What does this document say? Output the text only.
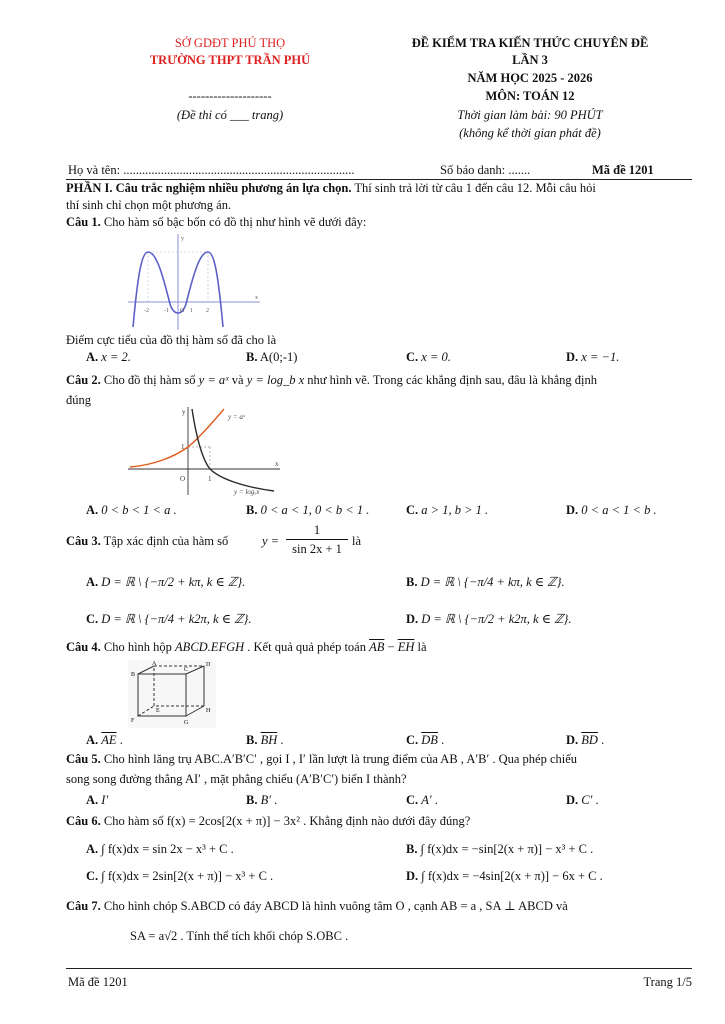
SỞ GDĐT PHÚ THỌ
TRƯỜNG THPT TRẦN PHÚ
--------------------
(Đề thi có ___ trang)
ĐỀ KIỂM TRA KIẾN THỨC CHUYÊN ĐỀ
LẦN 3
NĂM HỌC 2025 - 2026
MÔN: TOÁN 12
Thời gian làm bài: 90 PHÚT
(không kể thời gian phát đề)
Họ và tên: ..........................................................................	Số báo danh: .......	Mã đề 1201
PHẦN I. Câu trắc nghiệm nhiều phương án lựa chọn. Thí sinh trả lời từ câu 1 đến câu 12. Mỗi câu hỏi
thí sinh chỉ chọn một phương án.
Câu 1. Cho hàm số bậc bốn có đồ thị như hình vẽ dưới đây:
-2	-1 O 1 2
x
y
Điểm cực tiểu của đồ thị hàm số đã cho là
A. x = 2.	B. A(0;-1)	C. x = 0.	D. x = −1.
Câu 2. Cho đồ thị hàm số y = aˣ và y = log_b x như hình vẽ. Trong các khẳng định sau, đâu là khẳng định
đúng
y = aˣ
y = logₓx
O	1
1
x
y
A. 0 < b < 1 < a .	B. 0 < a < 1, 0 < b < 1 .	C. a > 1, b > 1 .	D. 0 < a < 1 < b .
Câu 3. Tập xác định của hàm số	y =
1
sin 2x + 1
là
A. D = ℝ \ {−π/2 + kπ, k ∈ ℤ}.	B. D = ℝ \ {−π/4 + kπ, k ∈ ℤ}.
C. D = ℝ \ {−π/4 + k2π, k ∈ ℤ}.	D. D = ℝ \ {−π/2 + k2π, k ∈ ℤ}.
Câu 4. Cho hình hộp ABCD.EFGH . Kết quả quả phép toán $\overline{AB} - \overline{EH}$ là
B
C
A	D
F	G
E	H
A. $\overline{AE}$ .	B. $\overline{BH}$ .	C. $\overline{DB}$ .	D. $\overline{BD}$ .
Câu 5. Cho hình lăng trụ ABC.A′B′C′ , gọi I , I′ lần lượt là trung điểm của AB , A′B′ . Qua phép chiếu
song song đường thẳng AI′ , mặt phẳng chiếu (A′B′C′) biến I thành?
A. I′	B. B′ .	C. A′ .	D. C′ .
Câu 6. Cho hàm số f(x) = 2cos[2(x + π)] − 3x² . Khẳng định nào dưới đây đúng?
A. ∫ f(x)dx = sin 2x − x³ + C .	B. ∫ f(x)dx = −sin[2(x + π)] − x³ + C .
C. ∫ f(x)dx = 2sin[2(x + π)] − x³ + C .	D. ∫ f(x)dx = −4sin[2(x + π)] − 6x + C .
Câu 7. Cho hình chóp S.ABCD có đáy ABCD là hình vuông tâm O , cạnh AB = a , SA ⊥ ABCD và
SA = a√2 . Tính thể tích khối chóp S.OBC .
Mã đề 1201	Trang 1/5
